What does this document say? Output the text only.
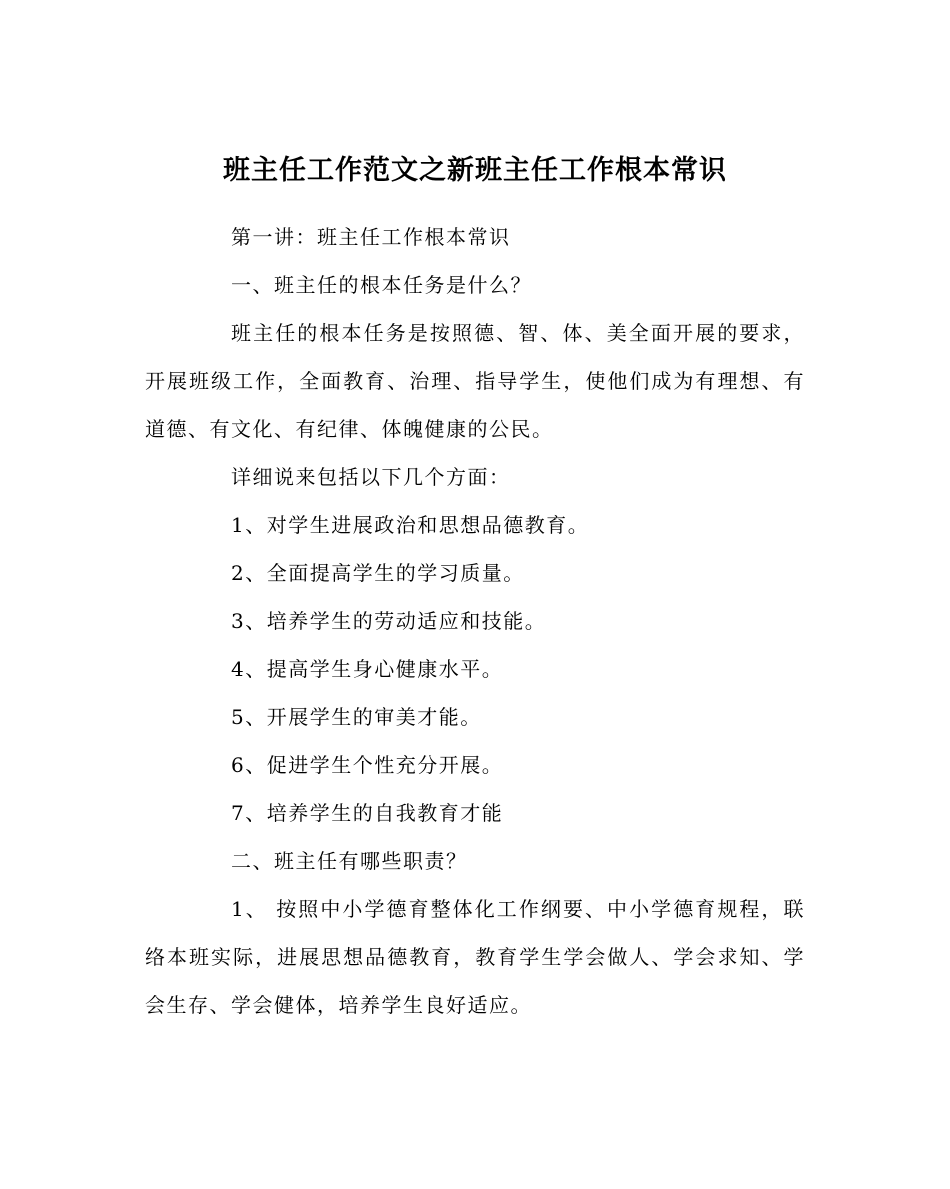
班主任工作范文之新班主任工作根本常识

第一讲：班主任工作根本常识

一、班主任的根本任务是什么？

班主任的根本任务是按照德、智、体、美全面开展的要求，开展班级工作，全面教育、治理、指导学生，使他们成为有理想、有道德、有文化、有纪律、体魄健康的公民。

详细说来包括以下几个方面：

1、对学生进展政治和思想品德教育。

2、全面提高学生的学习质量。

3、培养学生的劳动适应和技能。

4、提高学生身心健康水平。

5、开展学生的审美才能。

6、促进学生个性充分开展。

7、培养学生的自我教育才能

二、班主任有哪些职责？

1、 按照中小学德育整体化工作纲要、中小学德育规程，联络本班实际，进展思想品德教育，教育学生学会做人、学会求知、学会生存、学会健体，培养学生良好适应。
